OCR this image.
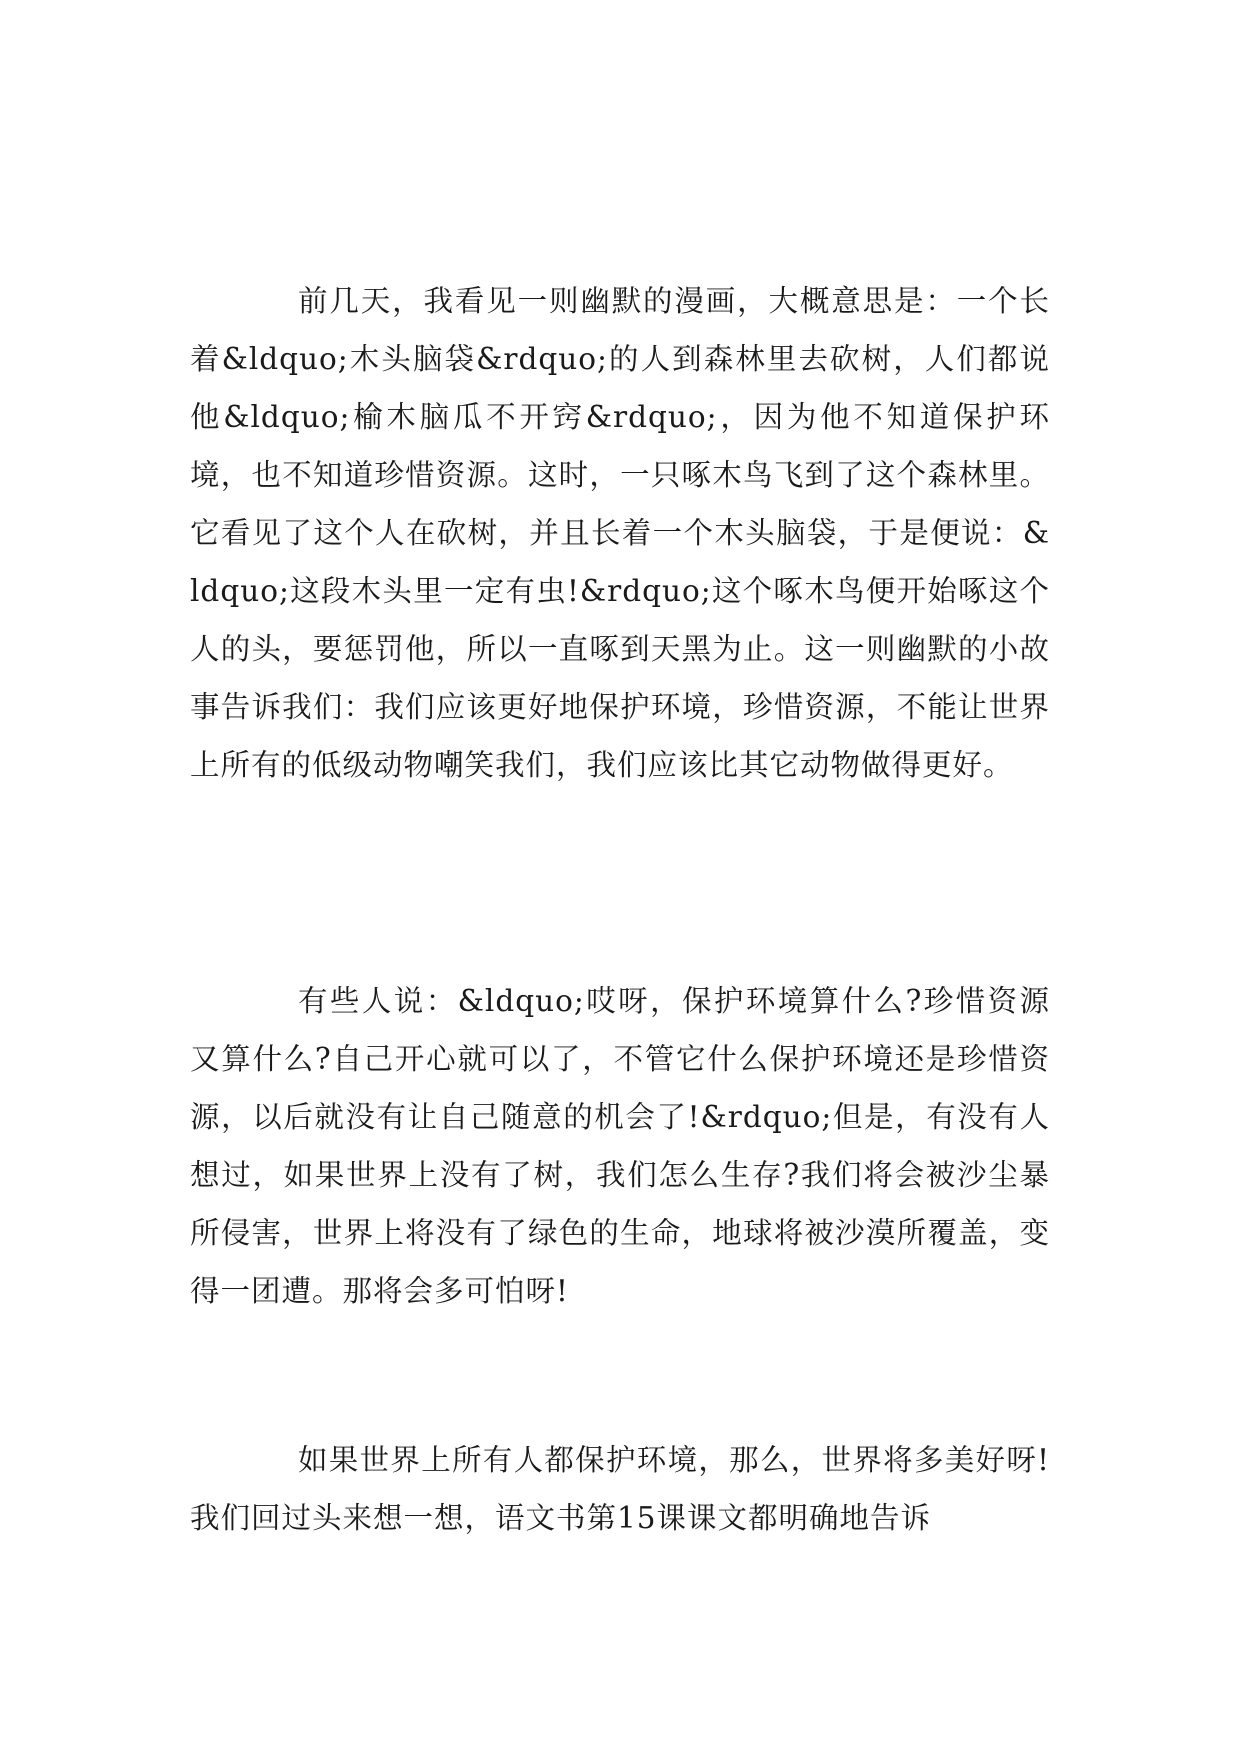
前几天，我看见一则幽默的漫画，大概意思是：一个长着&ldquo;木头脑袋&rdquo;的人到森林里去砍树，人们都说他&ldquo;榆木脑瓜不开窍&rdquo;，因为他不知道保护环境，也不知道珍惜资源。这时，一只啄木鸟飞到了这个森林里。它看见了这个人在砍树，并且长着一个木头脑袋，于是便说：&ldquo;这段木头里一定有虫!&rdquo;这个啄木鸟便开始啄这个人的头，要惩罚他，所以一直啄到天黑为止。这一则幽默的小故事告诉我们：我们应该更好地保护环境，珍惜资源，不能让世界上所有的低级动物嘲笑我们，我们应该比其它动物做得更好。

有些人说：&ldquo;哎呀，保护环境算什么?珍惜资源又算什么?自己开心就可以了，不管它什么保护环境还是珍惜资源，以后就没有让自己随意的机会了!&rdquo;但是，有没有人想过，如果世界上没有了树，我们怎么生存?我们将会被沙尘暴所侵害，世界上将没有了绿色的生命，地球将被沙漠所覆盖，变得一团遭。那将会多可怕呀!

如果世界上所有人都保护环境，那么，世界将多美好呀!我们回过头来想一想，语文书第15课课文都明确地告诉
